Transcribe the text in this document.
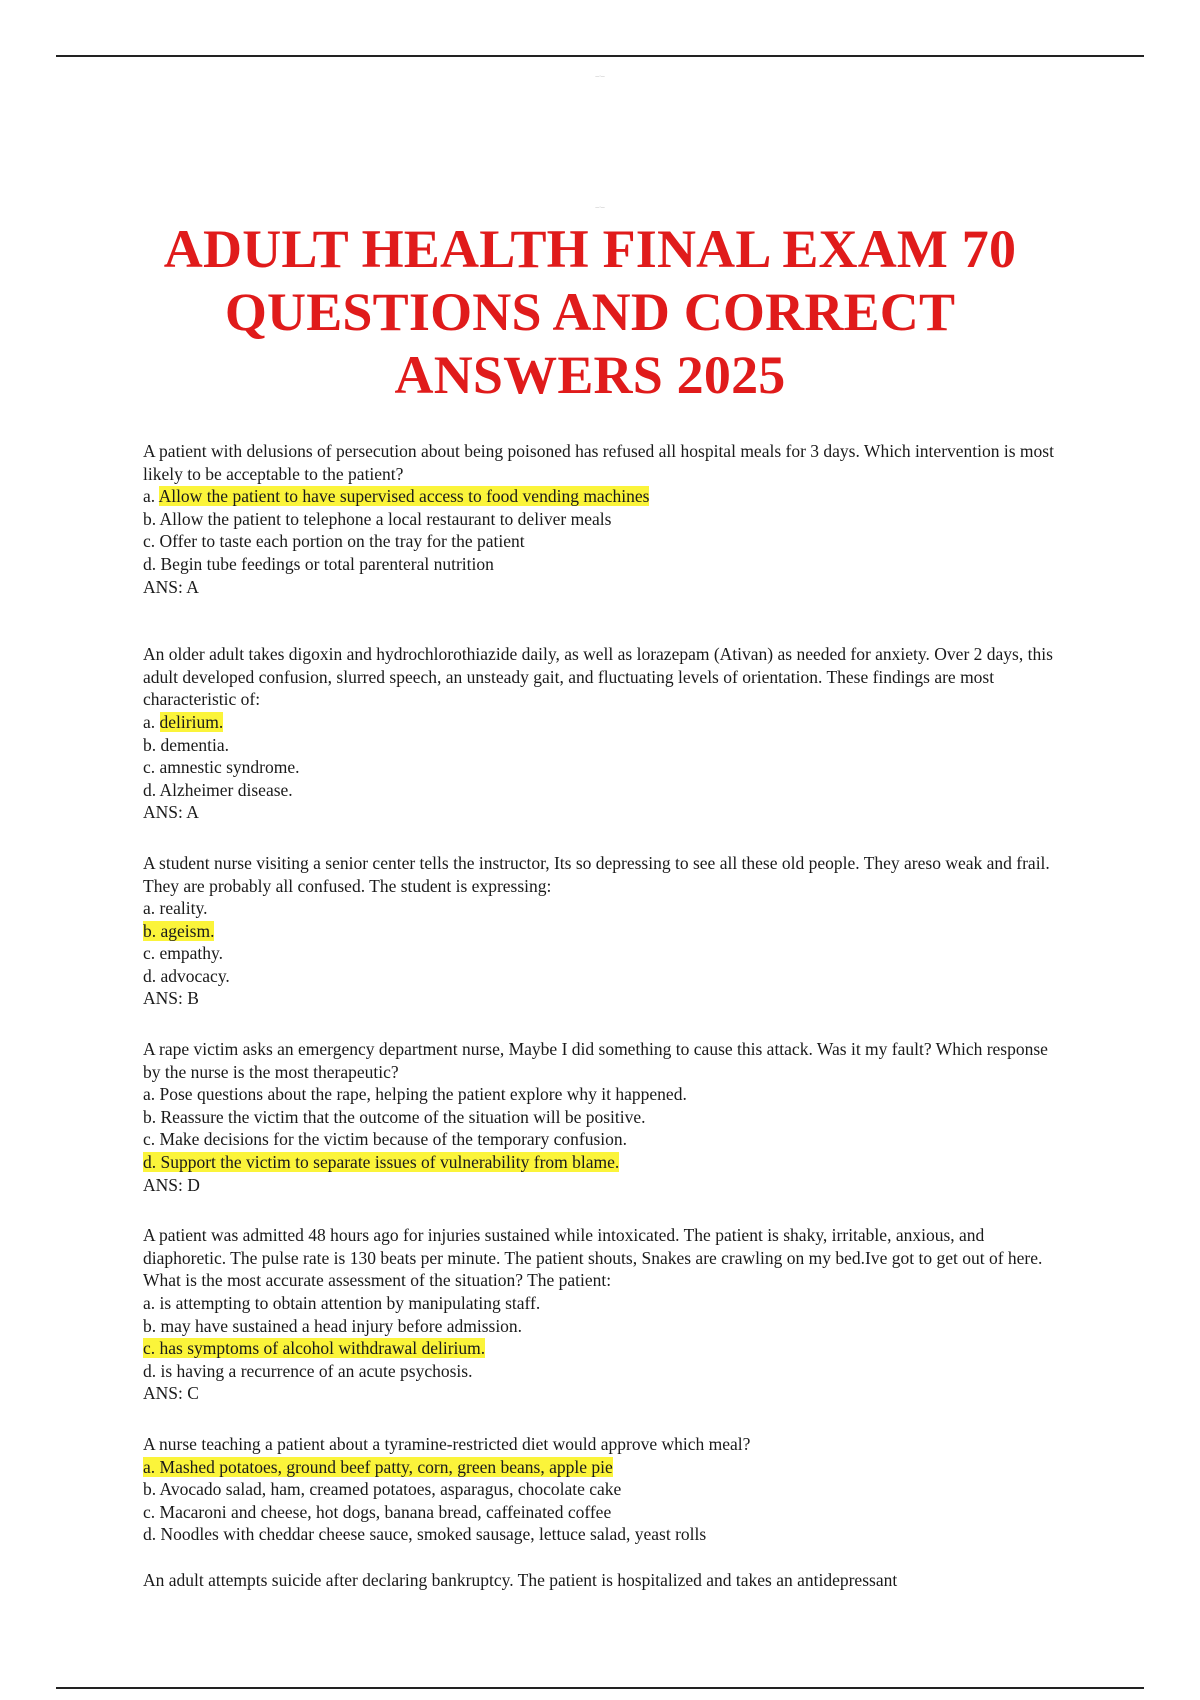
—·—
—·—
ADULT HEALTH FINAL EXAM 70 QUESTIONS AND CORRECT ANSWERS 2025
A patient with delusions of persecution about being poisoned has refused all hospital meals for 3 days. Which intervention is most likely to be acceptable to the patient?
a. Allow the patient to have supervised access to food vending machines
b. Allow the patient to telephone a local restaurant to deliver meals
c. Offer to taste each portion on the tray for the patient
d. Begin tube feedings or total parenteral nutrition
ANS: A
An older adult takes digoxin and hydrochlorothiazide daily, as well as lorazepam (Ativan) as needed for anxiety. Over 2 days, this adult developed confusion, slurred speech, an unsteady gait, and fluctuating levels of orientation. These findings are most characteristic of:
a. delirium.
b. dementia.
c. amnestic syndrome.
d. Alzheimer disease.
ANS: A
A student nurse visiting a senior center tells the instructor, Its so depressing to see all these old people. They areso weak and frail. They are probably all confused. The student is expressing:
a. reality.
b. ageism.
c. empathy.
d. advocacy.
ANS: B
A rape victim asks an emergency department nurse, Maybe I did something to cause this attack. Was it my fault? Which response by the nurse is the most therapeutic?
a. Pose questions about the rape, helping the patient explore why it happened.
b. Reassure the victim that the outcome of the situation will be positive.
c. Make decisions for the victim because of the temporary confusion.
d. Support the victim to separate issues of vulnerability from blame.
ANS: D
A patient was admitted 48 hours ago for injuries sustained while intoxicated. The patient is shaky, irritable, anxious, and diaphoretic. The pulse rate is 130 beats per minute. The patient shouts, Snakes are crawling on my bed.Ive got to get out of here. What is the most accurate assessment of the situation? The patient:
a. is attempting to obtain attention by manipulating staff.
b. may have sustained a head injury before admission.
c. has symptoms of alcohol withdrawal delirium.
d. is having a recurrence of an acute psychosis.
ANS: C
A nurse teaching a patient about a tyramine-restricted diet would approve which meal?
a. Mashed potatoes, ground beef patty, corn, green beans, apple pie
b. Avocado salad, ham, creamed potatoes, asparagus, chocolate cake
c. Macaroni and cheese, hot dogs, banana bread, caffeinated coffee
d. Noodles with cheddar cheese sauce, smoked sausage, lettuce salad, yeast rolls
An adult attempts suicide after declaring bankruptcy. The patient is hospitalized and takes an antidepressant
